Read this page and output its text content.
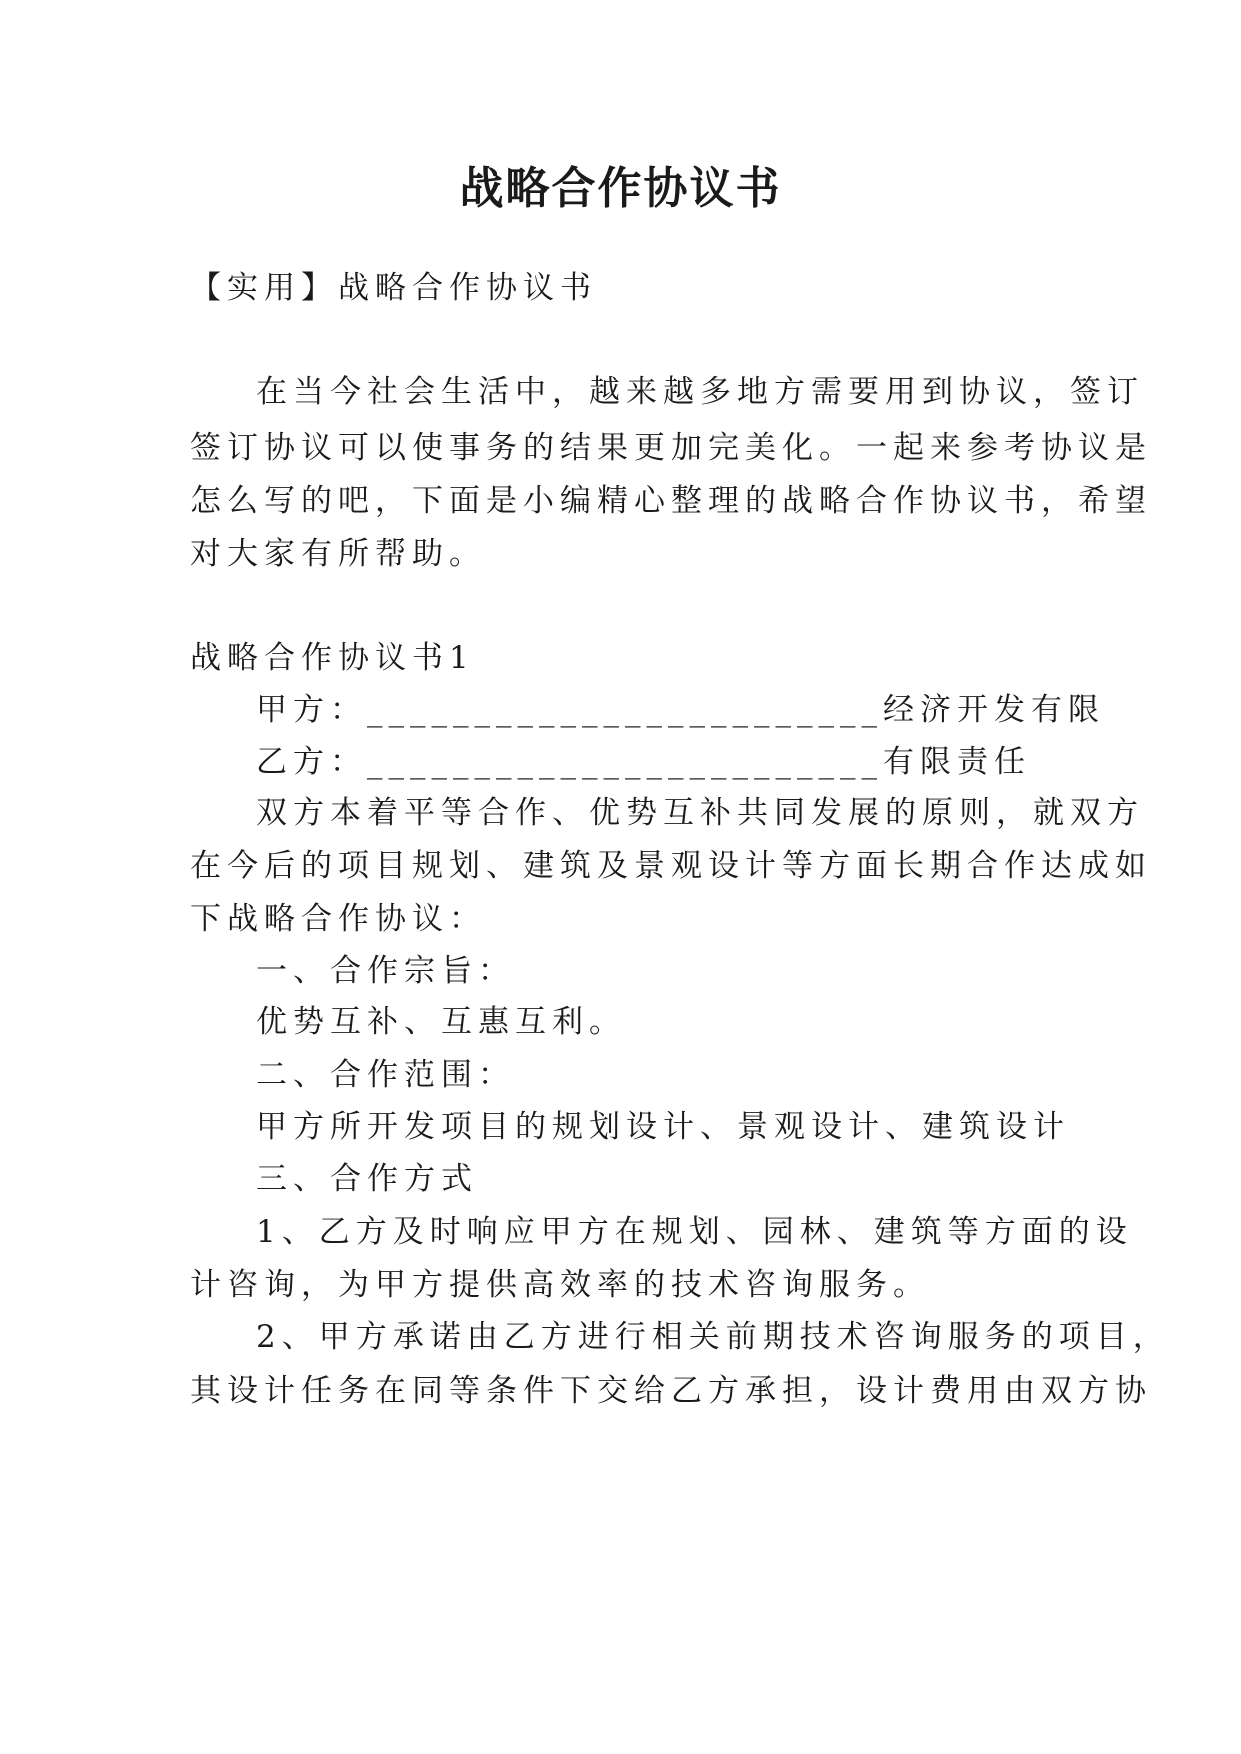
战略合作协议书
【实用】战略合作协议书
在当今社会生活中，越来越多地方需要用到协议，签订
签订协议可以使事务的结果更加完美化。一起来参考协议是
怎么写的吧，下面是小编精心整理的战略合作协议书，希望
对大家有所帮助。
战略合作协议书1
甲方：________________________经济开发有限
乙方：________________________有限责任
双方本着平等合作、优势互补共同发展的原则，就双方
在今后的项目规划、建筑及景观设计等方面长期合作达成如
下战略合作协议：
一、合作宗旨：
优势互补、互惠互利。
二、合作范围：
甲方所开发项目的规划设计、景观设计、建筑设计
三、合作方式
1、乙方及时响应甲方在规划、园林、建筑等方面的设
计咨询，为甲方提供高效率的技术咨询服务。
2、甲方承诺由乙方进行相关前期技术咨询服务的项目，
其设计任务在同等条件下交给乙方承担，设计费用由双方协
